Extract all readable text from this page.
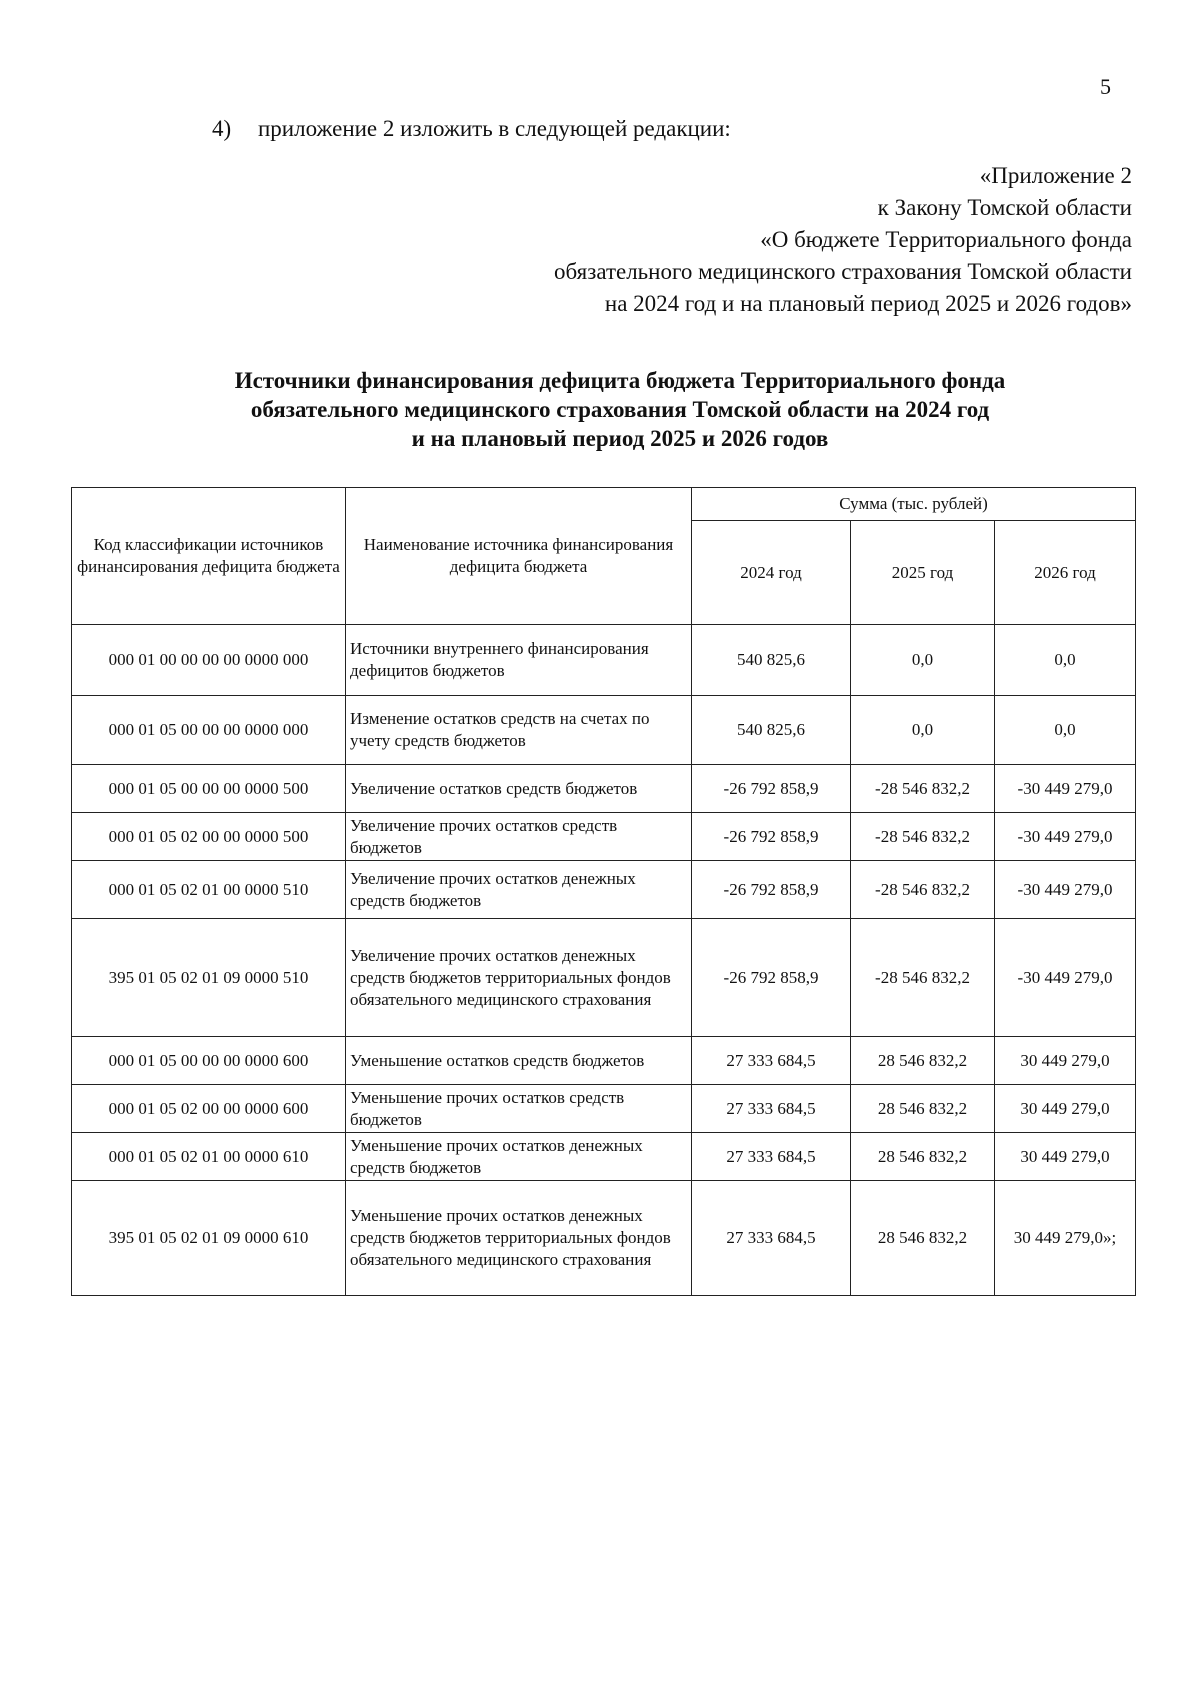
5
4) приложение 2 изложить в следующей редакции:
«Приложение 2
к Закону Томской области
«О бюджете Территориального фонда
обязательного медицинского страхования Томской области
на 2024 год и на плановый период 2025 и 2026 годов»
Источники финансирования дефицита бюджета Территориального фонда
обязательного медицинского страхования Томской области на 2024 год
и на плановый период 2025 и 2026 годов
Код классификации источников финансирования дефицита бюджета	Наименование источника финансирования дефицита бюджета	Сумма (тыс. рублей)		
		2024 год	2025 год	2026 год
000 01 00 00 00 00 0000 000	Источники внутреннего финансирования дефицитов бюджетов	540 825,6	0,0	0,0
000 01 05 00 00 00 0000 000	Изменение остатков средств на счетах по учету средств бюджетов	540 825,6	0,0	0,0
000 01 05 00 00 00 0000 500	Увеличение остатков средств бюджетов	-26 792 858,9	-28 546 832,2	-30 449 279,0
000 01 05 02 00 00 0000 500	Увеличение прочих остатков средств бюджетов	-26 792 858,9	-28 546 832,2	-30 449 279,0
000 01 05 02 01 00 0000 510	Увеличение прочих остатков денежных средств бюджетов	-26 792 858,9	-28 546 832,2	-30 449 279,0
395 01 05 02 01 09 0000 510	Увеличение прочих остатков денежных средств бюджетов территориальных фондов обязательного медицинского страхования	-26 792 858,9	-28 546 832,2	-30 449 279,0
000 01 05 00 00 00 0000 600	Уменьшение остатков средств бюджетов	27 333 684,5	28 546 832,2	30 449 279,0
000 01 05 02 00 00 0000 600	Уменьшение прочих остатков средств бюджетов	27 333 684,5	28 546 832,2	30 449 279,0
000 01 05 02 01 00 0000 610	Уменьшение прочих остатков денежных средств бюджетов	27 333 684,5	28 546 832,2	30 449 279,0
395 01 05 02 01 09 0000 610	Уменьшение прочих остатков денежных средств бюджетов территориальных фондов обязательного медицинского страхования	27 333 684,5	28 546 832,2	30 449 279,0»;
